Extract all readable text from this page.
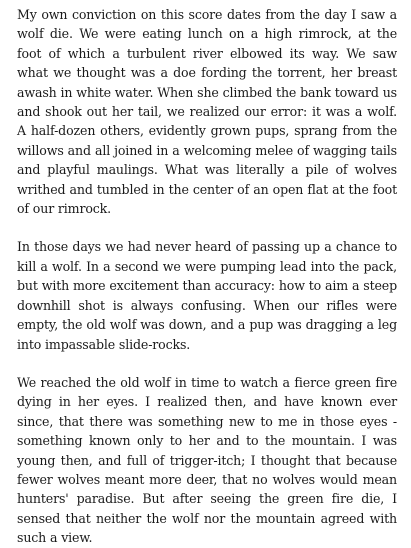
My own conviction on this score dates from the day I saw a wolf die. We were eating lunch on a high rimrock, at the foot of which a turbulent river elbowed its way. We saw what we thought was a doe fording the torrent, her breast awash in white water. When she climbed the bank toward us and shook out her tail, we realized our error: it was a wolf. A half-dozen others, evidently grown pups, sprang from the willows and all joined in a welcoming melee of wagging tails and playful maulings. What was literally a pile of wolves writhed and tumbled in the center of an open flat at the foot of our rimrock.

In those days we had never heard of passing up a chance to kill a wolf. In a second we were pumping lead into the pack, but with more excitement than accuracy: how to aim a steep downhill shot is always confusing. When our rifles were empty, the old wolf was down, and a pup was dragging a leg into impassable slide-rocks.

We reached the old wolf in time to watch a fierce green fire dying in her eyes. I realized then, and have known ever since, that there was something new to me in those eyes - something known only to her and to the mountain. I was young then, and full of trigger-itch; I thought that because fewer wolves meant more deer, that no wolves would mean hunters' paradise. But after seeing the green fire die, I sensed that neither the wolf nor the mountain agreed with such a view.
